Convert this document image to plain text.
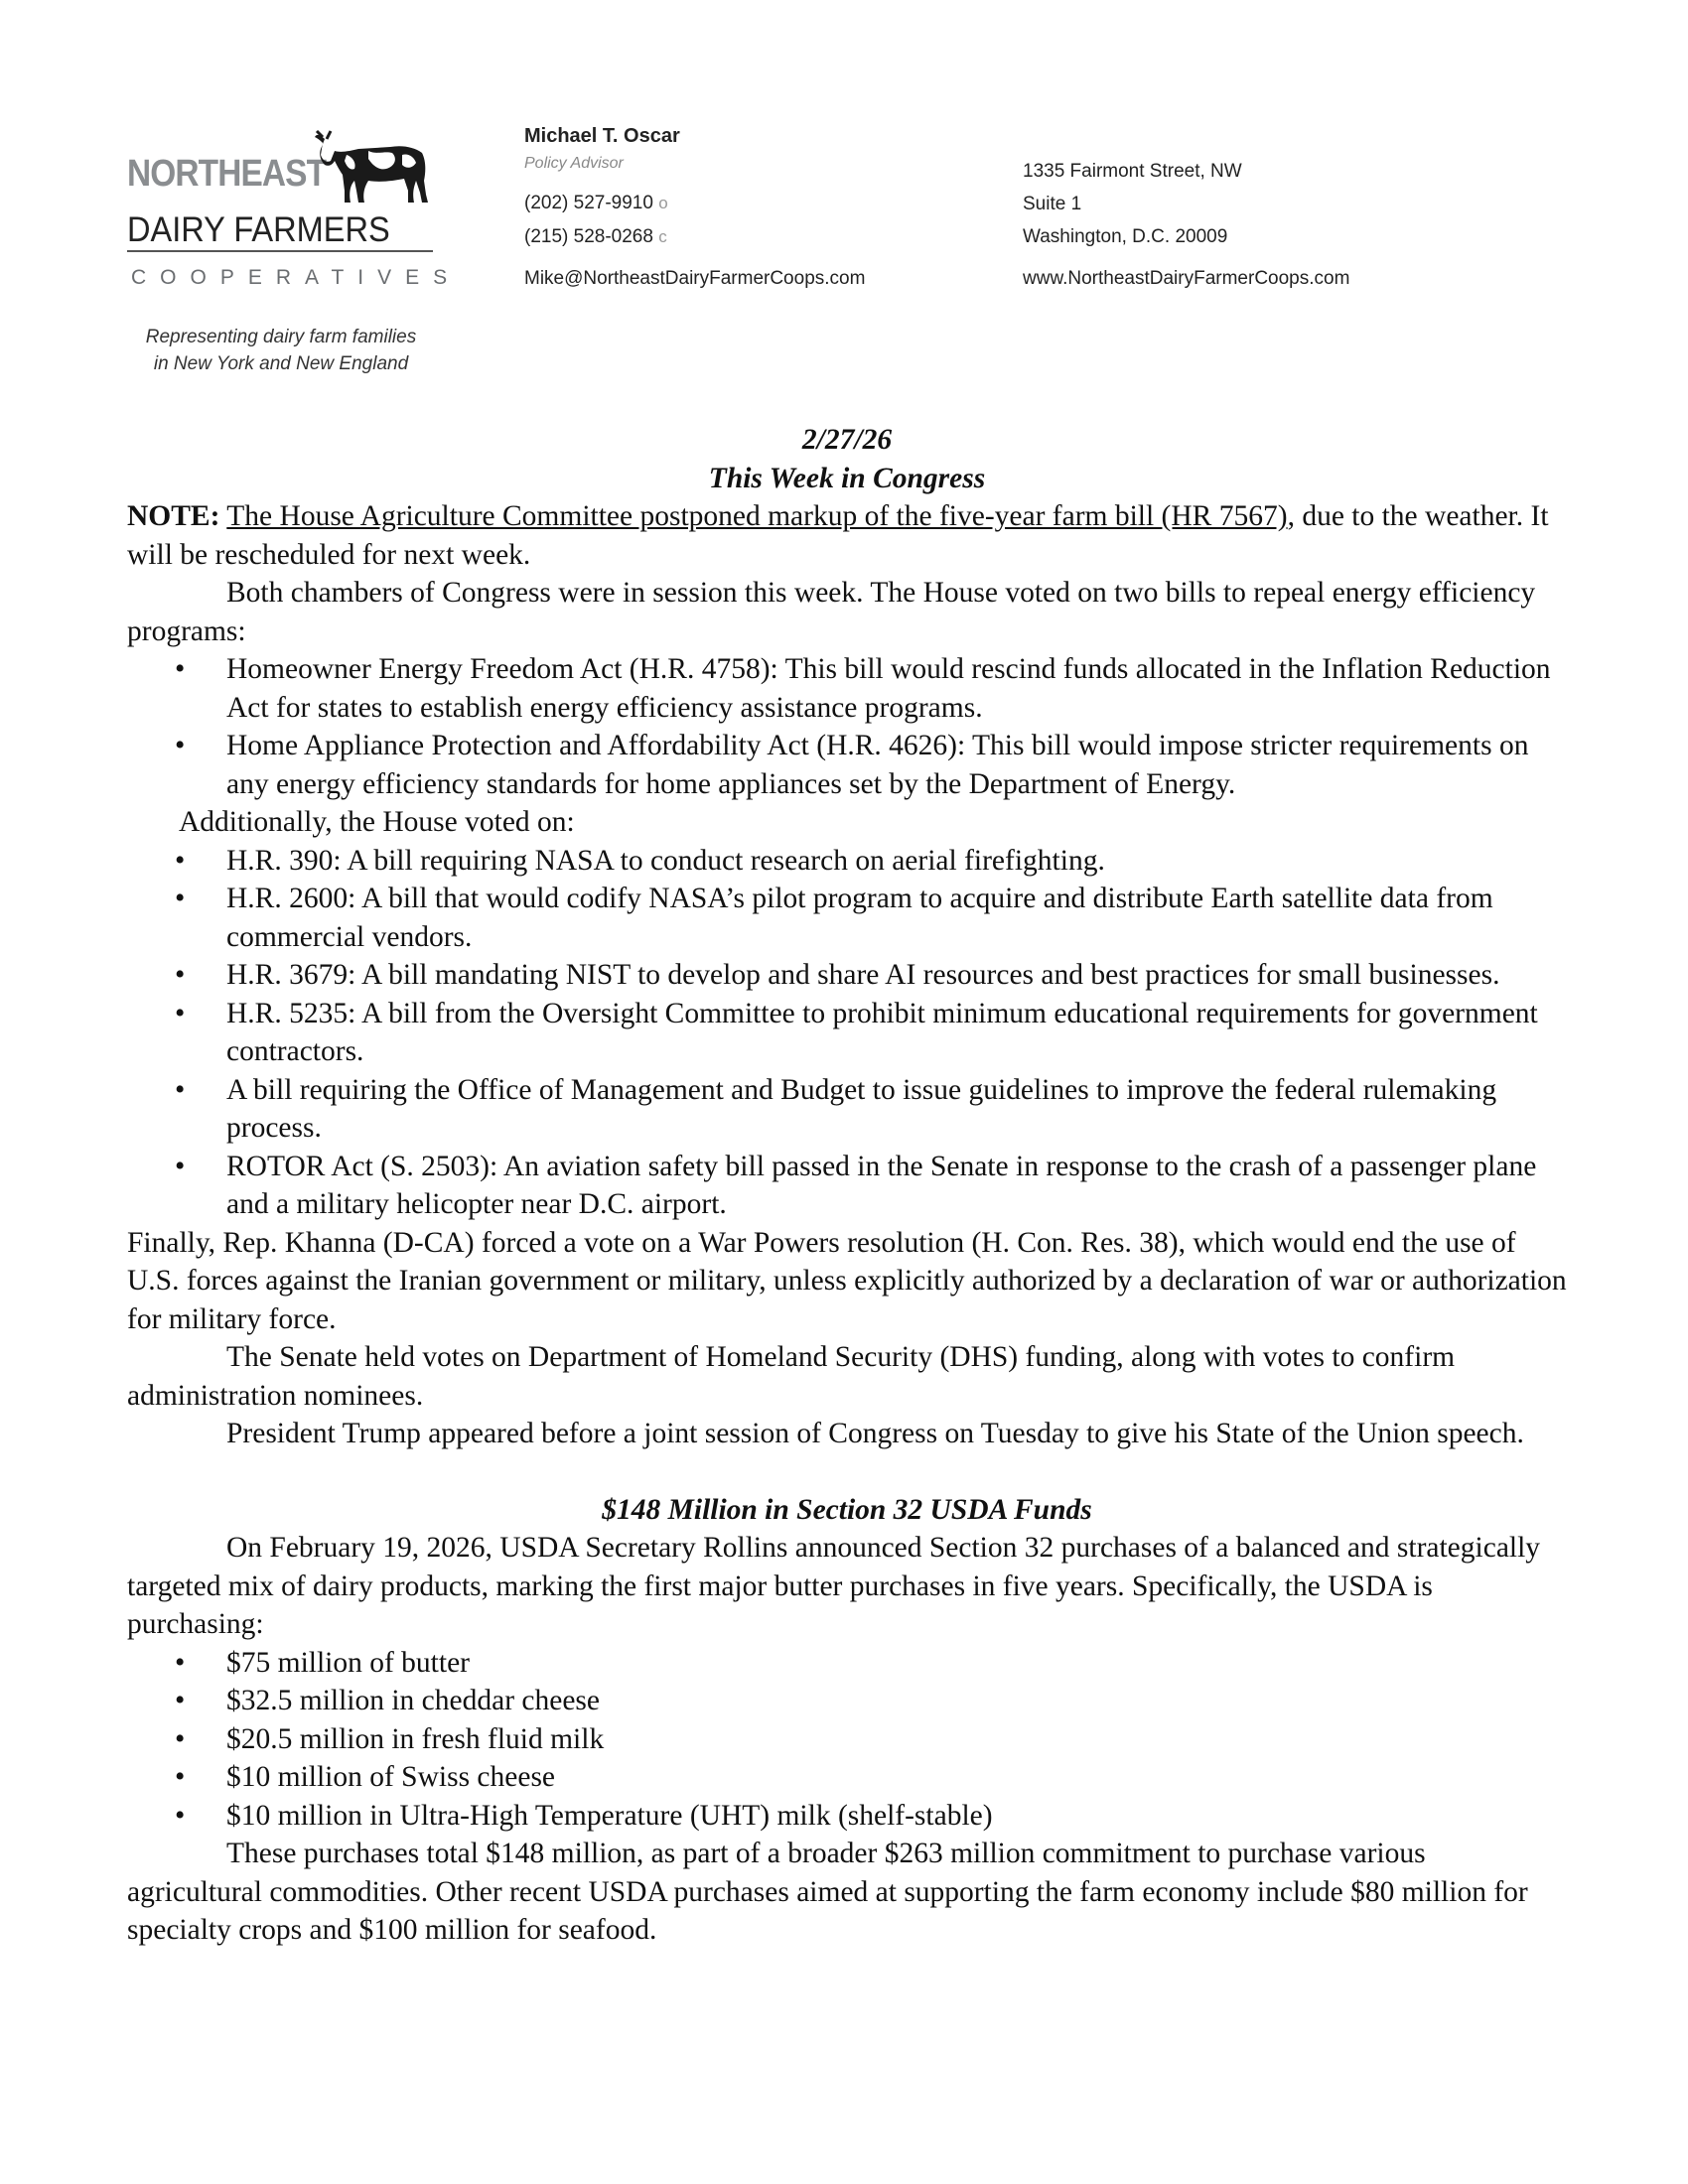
NORTHEAST
DAIRY FARMERS
COOPERATIVES
Representing dairy farm families
in New York and New England
Michael T. Oscar
Policy Advisor
(202) 527-9910 o
(215) 528-0268 c
Mike@NortheastDairyFarmerCoops.com
1335 Fairmont Street, NW
Suite 1
Washington, D.C. 20009
www.NortheastDairyFarmerCoops.com
2/27/26
This Week in Congress

NOTE: The House Agriculture Committee postponed markup of the five-year farm bill (HR 7567), due to the weather. It will be rescheduled for next week.

Both chambers of Congress were in session this week. The House voted on two bills to repeal energy efficiency programs:

• Homeowner Energy Freedom Act (H.R. 4758): This bill would rescind funds allocated in the Inflation Reduction Act for states to establish energy efficiency assistance programs.
• Home Appliance Protection and Affordability Act (H.R. 4626): This bill would impose stricter requirements on any energy efficiency standards for home appliances set by the Department of Energy.

Additionally, the House voted on:

• H.R. 390: A bill requiring NASA to conduct research on aerial firefighting.
• H.R. 2600: A bill that would codify NASA’s pilot program to acquire and distribute Earth satellite data from commercial vendors.
• H.R. 3679: A bill mandating NIST to develop and share AI resources and best practices for small businesses.
• H.R. 5235: A bill from the Oversight Committee to prohibit minimum educational requirements for government contractors.
• A bill requiring the Office of Management and Budget to issue guidelines to improve the federal rulemaking process.
• ROTOR Act (S. 2503): An aviation safety bill passed in the Senate in response to the crash of a passenger plane and a military helicopter near D.C. airport.

Finally, Rep. Khanna (D-CA) forced a vote on a War Powers resolution (H. Con. Res. 38), which would end the use of U.S. forces against the Iranian government or military, unless explicitly authorized by a declaration of war or authorization for military force.

The Senate held votes on Department of Homeland Security (DHS) funding, along with votes to confirm administration nominees.

President Trump appeared before a joint session of Congress on Tuesday to give his State of the Union speech.

$148 Million in Section 32 USDA Funds

On February 19, 2026, USDA Secretary Rollins announced Section 32 purchases of a balanced and strategically targeted mix of dairy products, marking the first major butter purchases in five years. Specifically, the USDA is purchasing:

• $75 million of butter
• $32.5 million in cheddar cheese
• $20.5 million in fresh fluid milk
• $10 million of Swiss cheese
• $10 million in Ultra-High Temperature (UHT) milk (shelf-stable)

These purchases total $148 million, as part of a broader $263 million commitment to purchase various agricultural commodities. Other recent USDA purchases aimed at supporting the farm economy include $80 million for specialty crops and $100 million for seafood.
